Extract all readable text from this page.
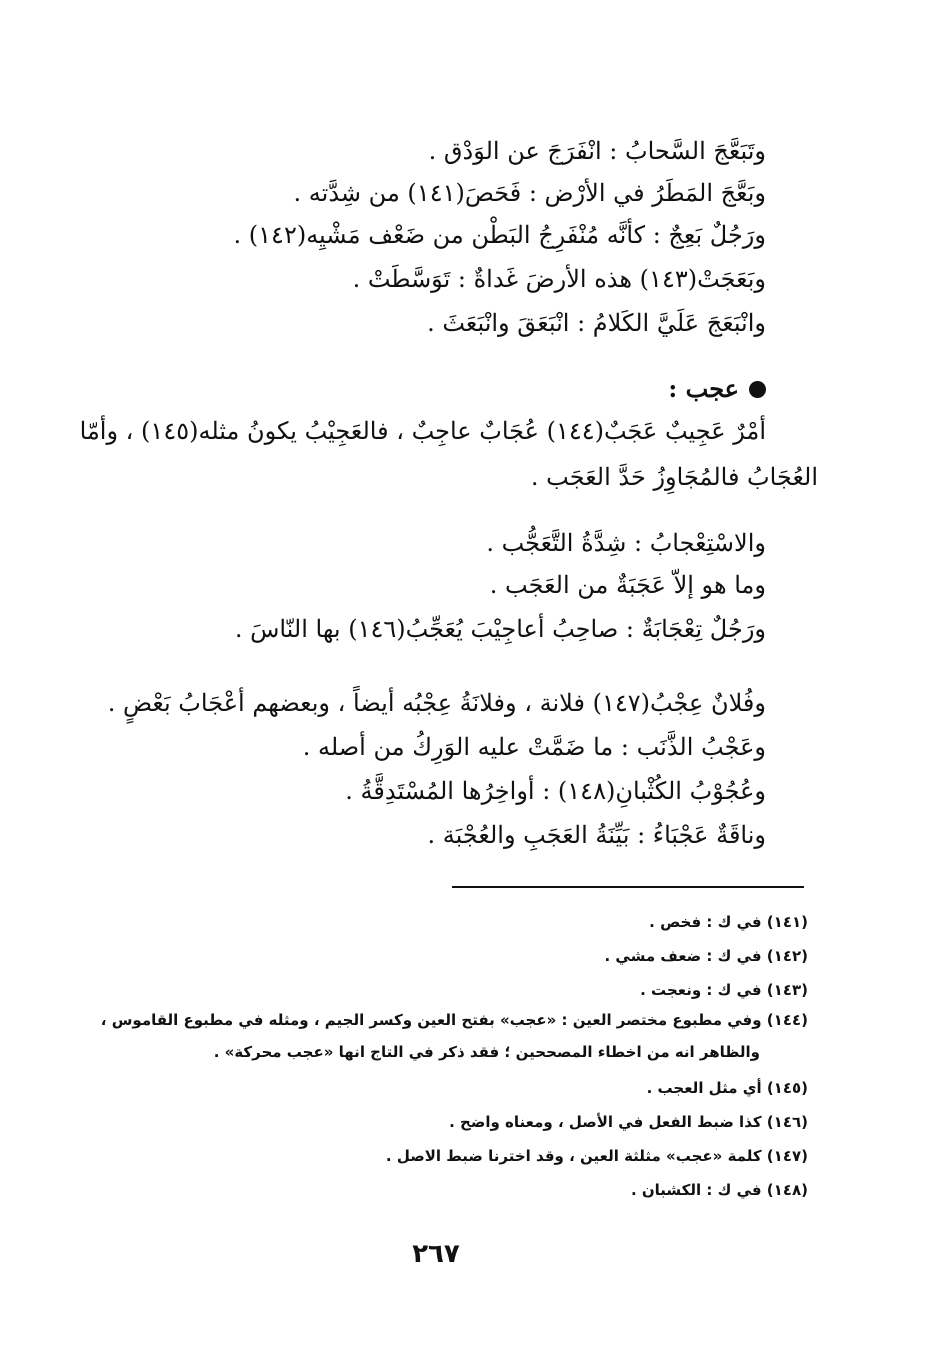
وتَبَعَّجَ السَّحابُ : انْفَرَجَ عن الوَدْق .
وبَعَّجَ المَطَرُ في الأرْض : فَحَصَ(١٤١) من شِدَّته .
ورَجُلٌ بَعِجٌ : كأنَّه مُنْفَرِجُ البَطْن من ضَعْف مَشْيِه(١٤٢) .
وبَعَجَتْ(١٤٣) هذه الأرضَ غَداةٌ : تَوَسَّطَتْ .
وانْبَعَجَ عَلَيَّ الكَلامُ : انْبَعَقَ وانْبَعَثَ .
عجب :
أمْرٌ عَجِيبٌ عَجَبٌ(١٤٤) عُجَابٌ عاجِبٌ ، فالعَجِيْبُ يكونُ مثله(١٤٥) ، وأمّا
العُجَابُ فالمُجَاوِزُ حَدَّ العَجَب .
والاسْتِعْجابُ : شِدَّةُ التَّعَجُّب .
وما هو إلاّ عَجَبَةٌ من العَجَب .
ورَجُلٌ تِعْجَابَةٌ : صاحِبُ أعاجِيْبَ يُعَجِّبُ(١٤٦) بها النّاسَ .
وفُلانٌ عِجْبُ(١٤٧) فلانة ، وفلانَةُ عِجْبُه أيضاً ، وبعضهم أعْجَابُ بَعْضٍ .
وعَجْبُ الذَّنَب : ما ضَمَّتْ عليه الوَرِكُ من أصله .
وعُجُوْبُ الكُثْبانِ(١٤٨) : أواخِرُها المُسْتَدِقَّةُ .
وناقَةٌ عَجْبَاءُ : بَيِّنَةُ العَجَبِ والعُجْبَة .
(١٤١) في ك : فخص .
(١٤٢) في ك : ضعف مشي .
(١٤٣) في ك : ونعجت .
(١٤٤) وفي مطبوع مختصر العين : «عجب» بفتح العين وكسر الجيم ، ومثله في مطبوع القاموس ،
والظاهر انه من اخطاء المصححين ؛ فقد ذكر في التاج انها «عجب محركة» .
(١٤٥) أي مثل العجب .
(١٤٦) كذا ضبط الفعل في الأصل ، ومعناه واضح .
(١٤٧) كلمة «عجب» مثلثة العين ، وقد اخترنا ضبط الاصل .
(١٤٨) في ك : الكشبان .
٢٦٧
